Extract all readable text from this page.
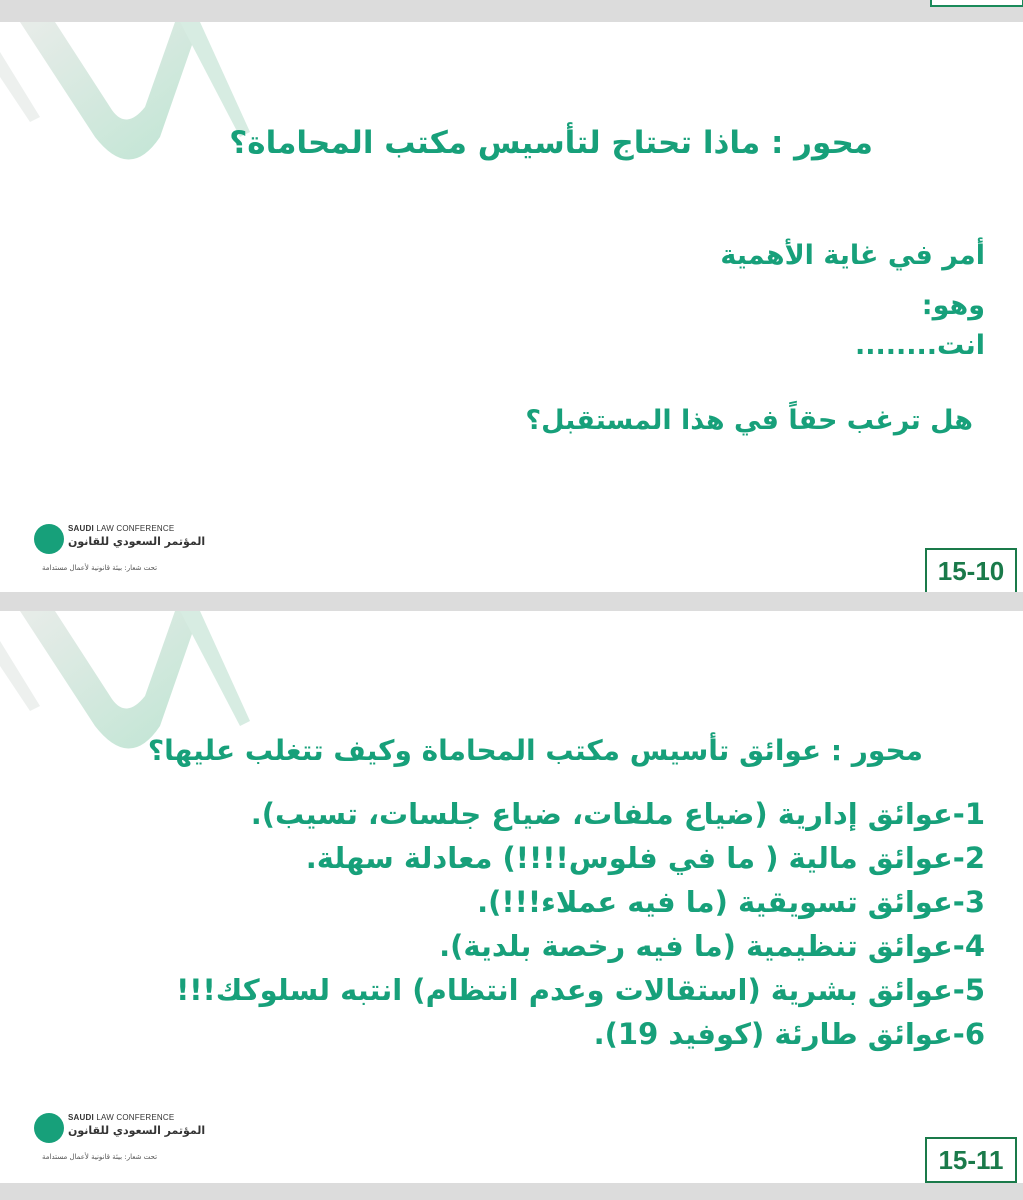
محور : ماذا تحتاج لتأسيس مكتب المحاماة؟
أمر في غاية الأهمية
وهو:
انت........
هل ترغب حقاً في هذا المستقبل؟
SAUDI LAW CONFERENCE
المؤتمر السعودي للقانون
تحت شعار: بيئة قانونية لأعمال مستدامة	15-10
محور : عوائق تأسيس مكتب المحاماة وكيف تتغلب عليها؟
1-عوائق إدارية (ضياع ملفات، ضياع جلسات، تسيب).
2-عوائق مالية ( ما في فلوس!!!!) معادلة سهلة.
3-عوائق تسويقية (ما فيه عملاء!!!).
4-عوائق تنظيمية (ما فيه رخصة بلدية).
5-عوائق بشرية (استقالات وعدم انتظام) انتبه لسلوكك!!!
6-عوائق طارئة (كوفيد 19).
SAUDI LAW CONFERENCE
المؤتمر السعودي للقانون
تحت شعار: بيئة قانونية لأعمال مستدامة	15-11
